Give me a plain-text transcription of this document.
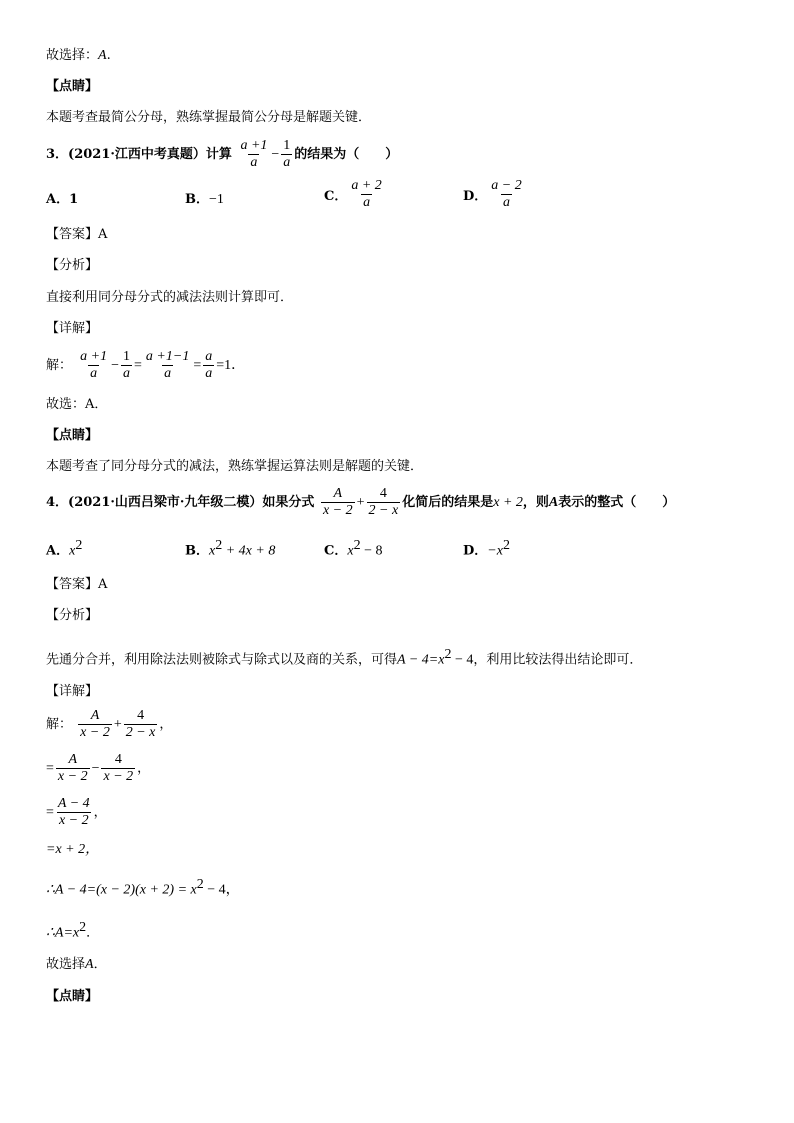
故选择：A.
【点睛】
本题考查最简公分母，熟练掌握最简公分母是解题关键．
3．(2021·江西中考真题）计算 $\frac{a +1}{a} - \frac{1}{a}$ 的结果为（　　）
A．1	B．−1	C． $\frac{a + 2}{a}$	D． $\frac{a - 2}{a}$
【答案】A
【分析】
直接利用同分母分式的减法法则计算即可．
【详解】
解： $\frac{a +1}{a} - \frac{1}{a} = \frac{a +1-1}{a} = \frac{a}{a} =1$．
故选：A．
【点睛】
本题考查了同分母分式的减法，熟练掌握运算法则是解题的关键．
4．(2021·山西吕梁市·九年级二模）如果分式 $\frac{A}{x - 2} + \frac{4}{2 - x}$ 化简后的结果是x + 2，则A表示的整式（　　）
A．$x^2$	B．$x^2 + 4x + 8$	C．$x^2 - 8$	D．$-x^2$
【答案】A
【分析】
先通分合并，利用除法法则被除式与除式以及商的关系，可得$A - 4=x^2 - 4$，利用比较法得出结论即可．
【详解】
解： $\frac{A}{x - 2} + \frac{4}{2 - x}$ ，
= $\frac{A}{x - 2} - \frac{4}{x - 2}$ ，
= $\frac{A - 4}{x - 2}$ ，
=x + 2，
∴A − $4=(x - 2)(x + 2) = x^2 - 4$，
$\therefore A=x^2$．
故选择A．
【点睛】
